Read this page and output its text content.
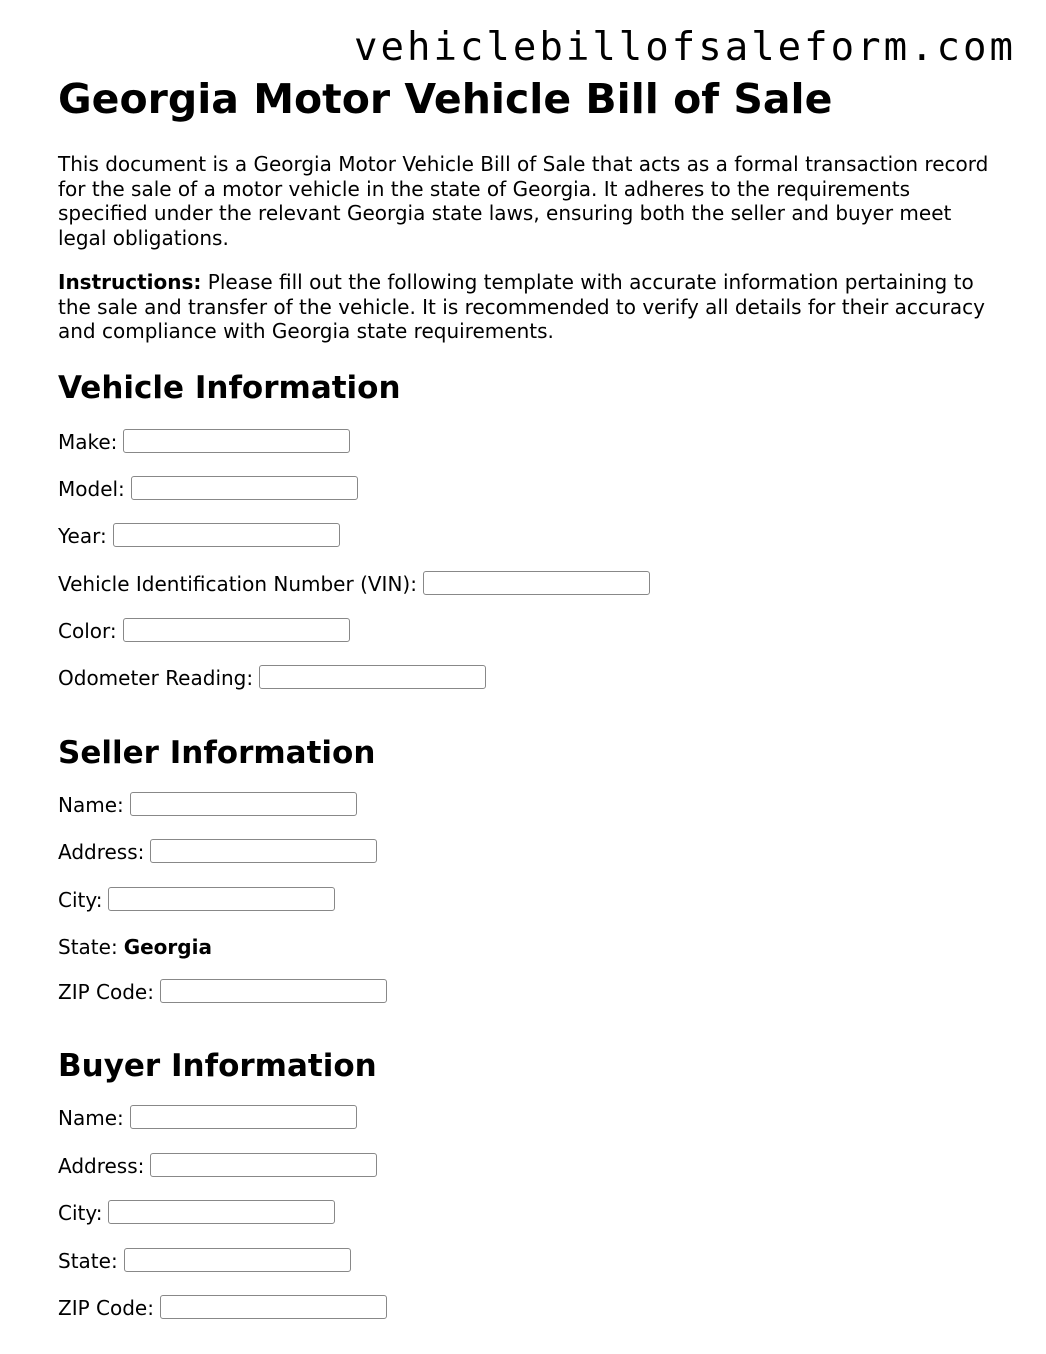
vehiclebillofsaleform.com
Georgia Motor Vehicle Bill of Sale

This document is a Georgia Motor Vehicle Bill of Sale that acts as a formal transaction record for the sale of a motor vehicle in the state of Georgia. It adheres to the requirements specified under the relevant Georgia state laws, ensuring both the seller and buyer meet legal obligations.

Instructions: Please fill out the following template with accurate information pertaining to the sale and transfer of the vehicle. It is recommended to verify all details for their accuracy and compliance with Georgia state requirements.

Vehicle Information
Make:
Model:
Year:
Vehicle Identification Number (VIN):
Color:
Odometer Reading:
Seller Information
Name:
Address:
City:
State: Georgia
ZIP Code:
Buyer Information
Name:
Address:
City:
State:
ZIP Code:
